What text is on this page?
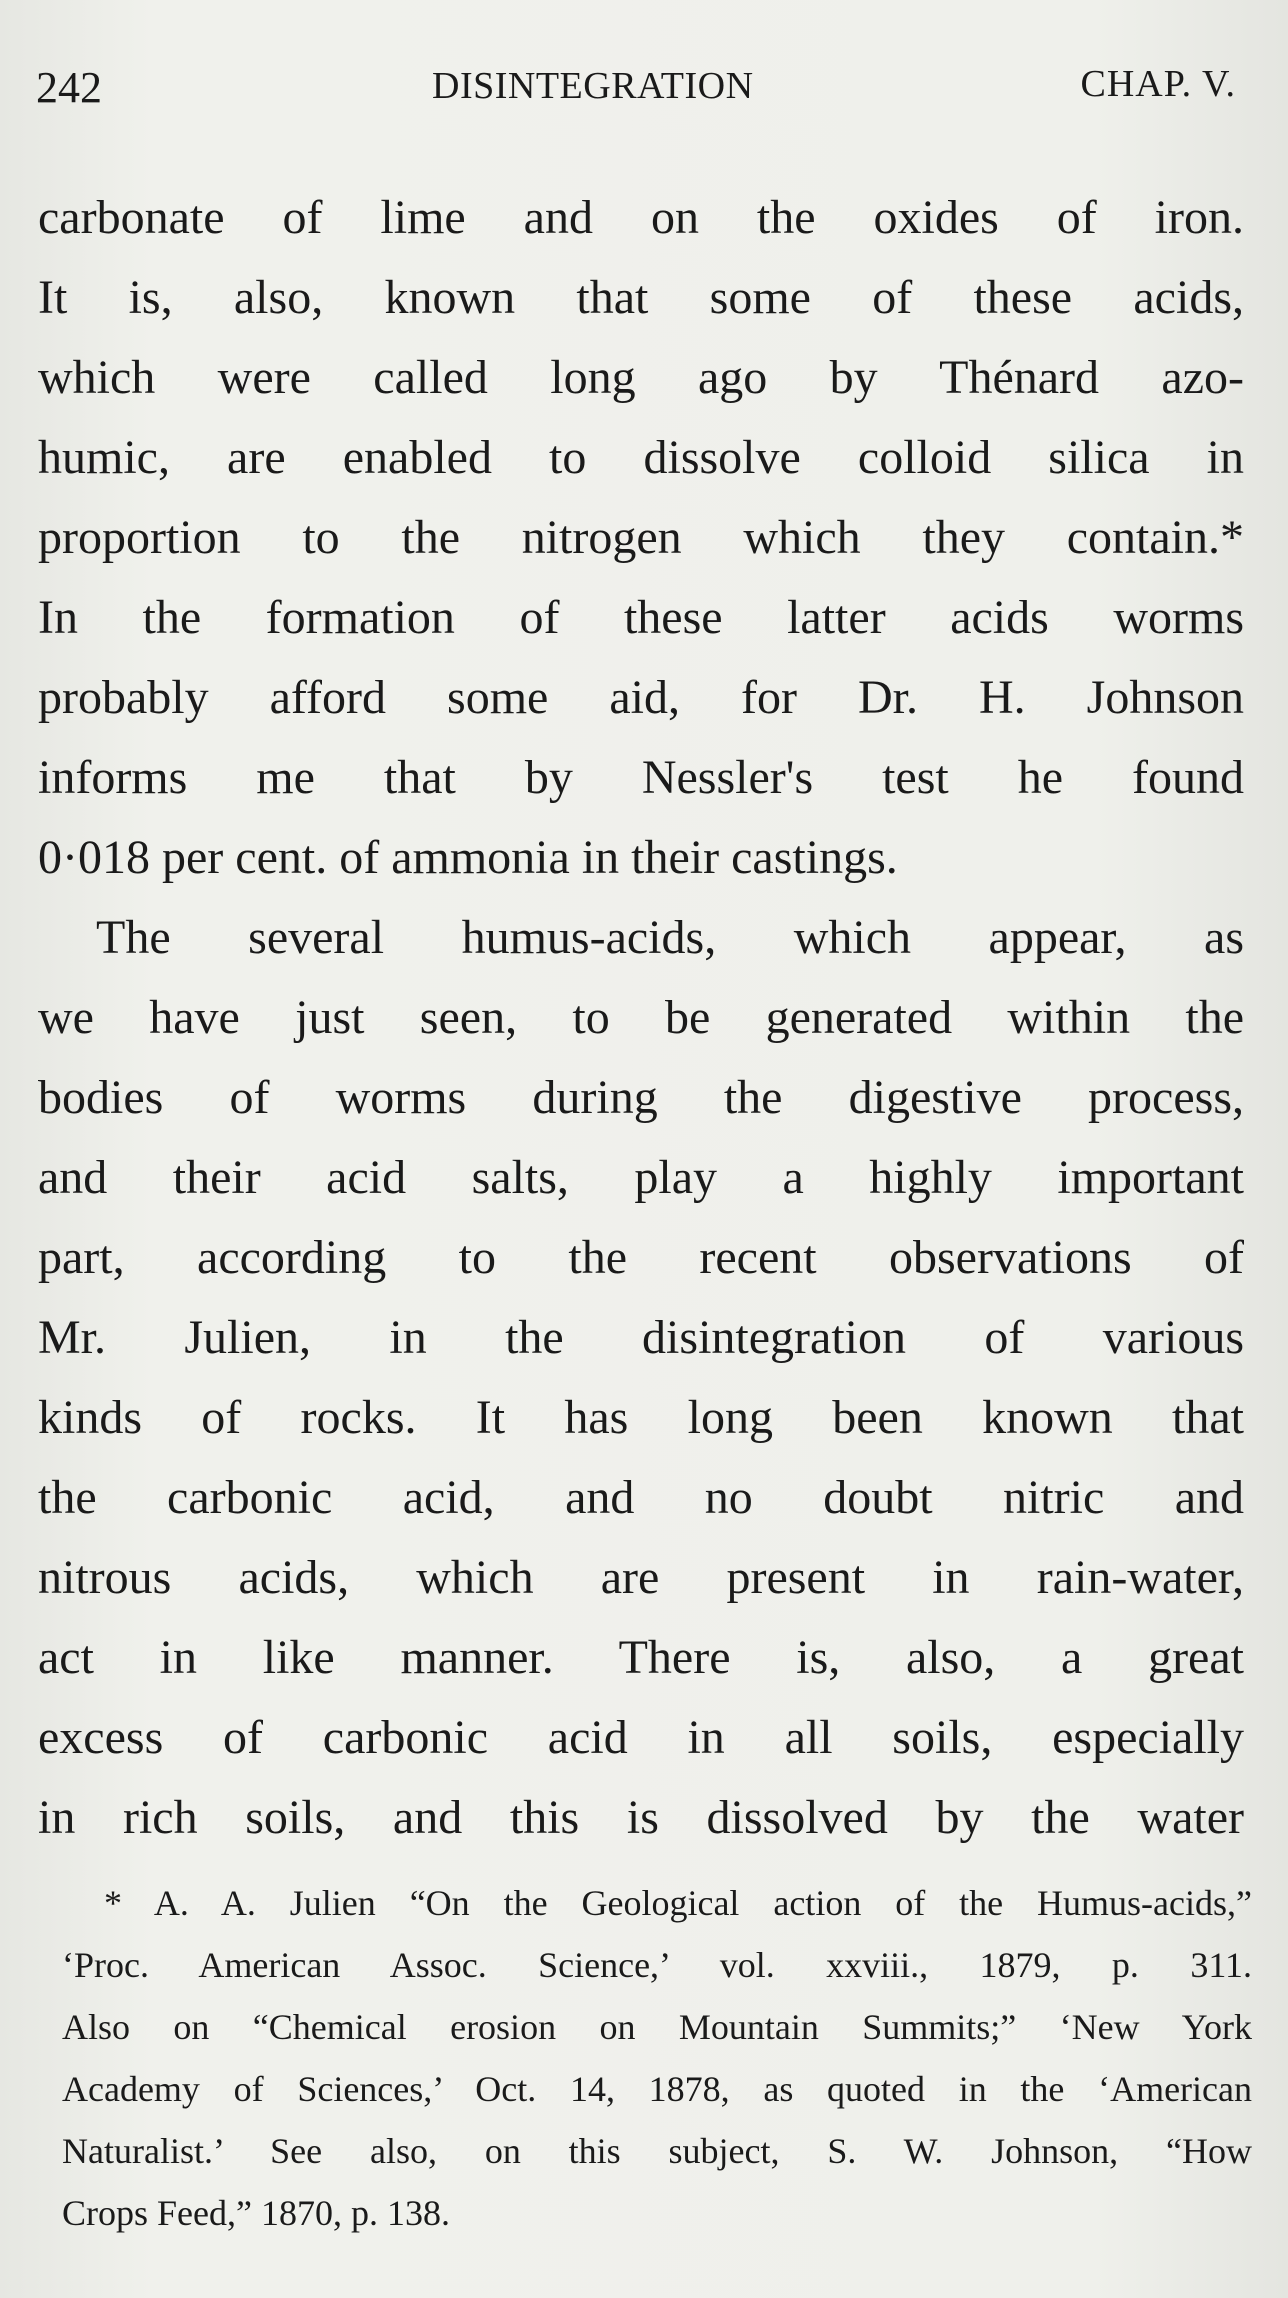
242	DISINTEGRATION	CHAP. V.
carbonate of lime and on the oxides of iron.
It is, also, known that some of these acids,
which were called long ago by Thénard azo-
humic, are enabled to dissolve colloid silica in
proportion to the nitrogen which they contain.*
In the formation of these latter acids worms
probably afford some aid, for Dr. H. Johnson
informs me that by Nessler's test he found
0·018 per cent. of ammonia in their castings.
The several humus-acids, which appear, as
we have just seen, to be generated within the
bodies of worms during the digestive process,
and their acid salts, play a highly important
part, according to the recent observations of
Mr. Julien, in the disintegration of various
kinds of rocks. It has long been known that
the carbonic acid, and no doubt nitric and
nitrous acids, which are present in rain-water,
act in like manner. There is, also, a great
excess of carbonic acid in all soils, especially
in rich soils, and this is dissolved by the water
* A. A. Julien “On the Geological action of the Humus-acids,”
‘Proc. American Assoc. Science,’ vol. xxviii., 1879, p. 311.
Also on “Chemical erosion on Mountain Summits;” ‘New York
Academy of Sciences,’ Oct. 14, 1878, as quoted in the ‘American
Naturalist.’ See also, on this subject, S. W. Johnson, “How
Crops Feed,” 1870, p. 138.
